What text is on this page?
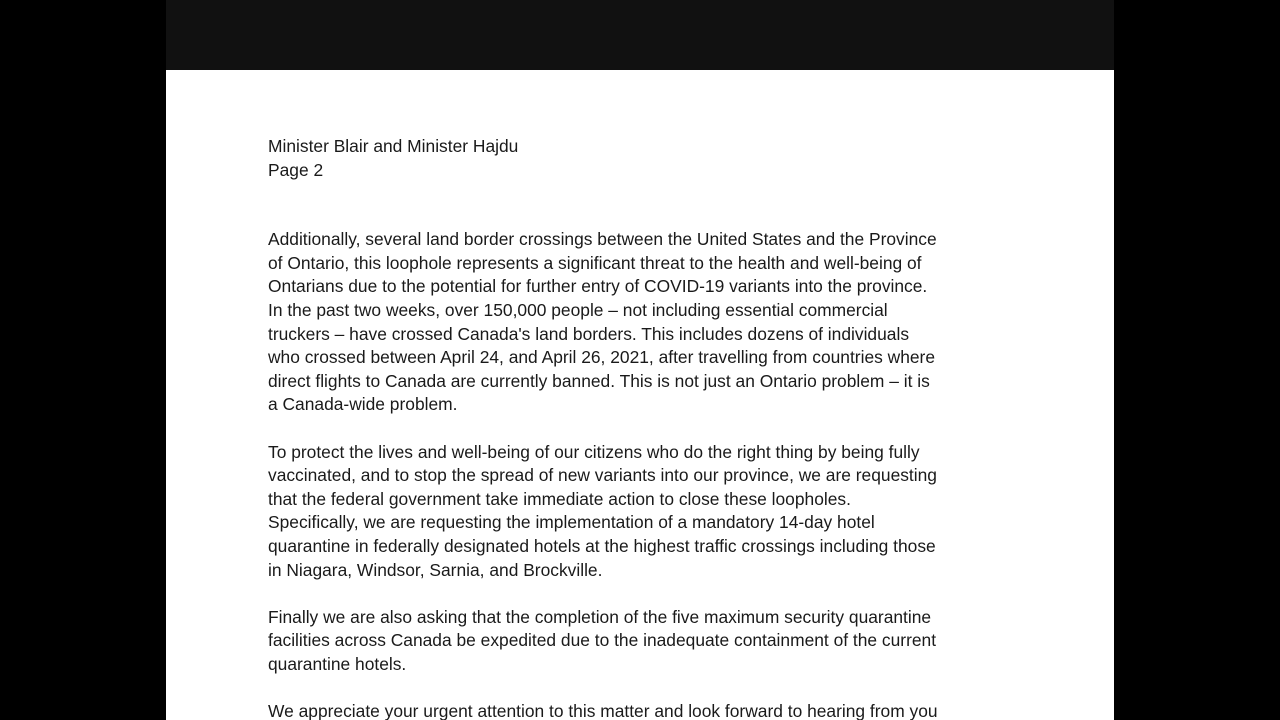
Minister Blair and Minister Hajdu
Page 2
Additionally, several land border crossings between the United States and the Province
of Ontario, this loophole represents a significant threat to the health and well-being of
Ontarians due to the potential for further entry of COVID-19 variants into the province.
In the past two weeks, over 150,000 people – not including essential commercial
truckers – have crossed Canada's land borders. This includes dozens of individuals
who crossed between April 24, and April 26, 2021, after travelling from countries where
direct flights to Canada are currently banned. This is not just an Ontario problem – it is
a Canada-wide problem.
To protect the lives and well-being of our citizens who do the right thing by being fully
vaccinated, and to stop the spread of new variants into our province, we are requesting
that the federal government take immediate action to close these loopholes.
Specifically, we are requesting the implementation of a mandatory 14-day hotel
quarantine in federally designated hotels at the highest traffic crossings including those
in Niagara, Windsor, Sarnia, and Brockville.
Finally we are also asking that the completion of the five maximum security quarantine
facilities across Canada be expedited due to the inadequate containment of the current
quarantine hotels.
We appreciate your urgent attention to this matter and look forward to hearing from you
